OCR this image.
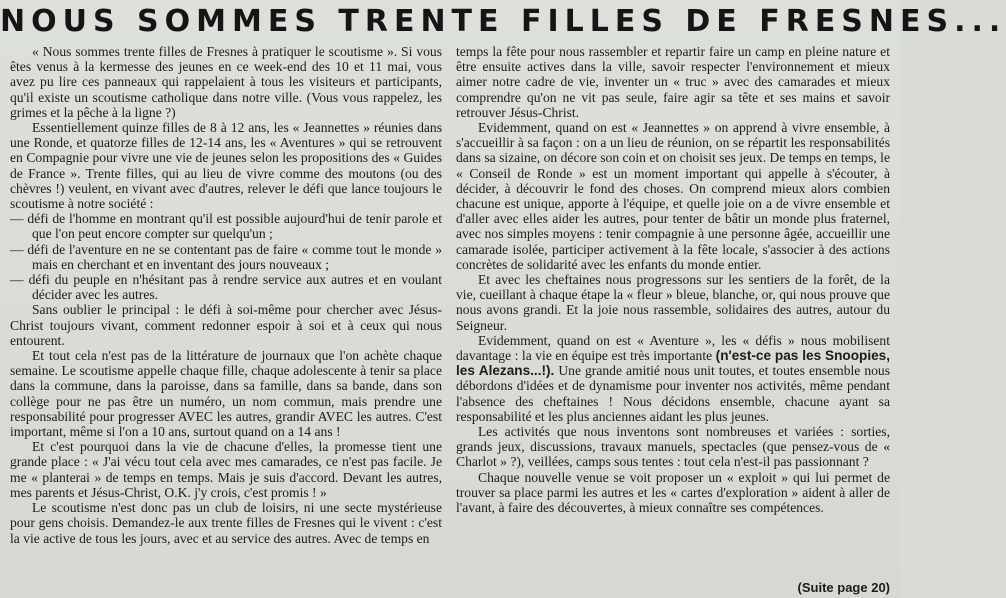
NOUS SOMMES TRENTE FILLES DE FRESNES...

« Nous sommes trente filles de Fresnes à pratiquer le scoutisme ». Si vous êtes venus à la kermesse des jeunes en ce week-end des 10 et 11 mai, vous avez pu lire ces panneaux qui rappelaient à tous les visiteurs et participants, qu'il existe un scoutisme catholique dans notre ville. (Vous vous rappelez, les grimes et la pêche à la ligne ?)

Essentiellement quinze filles de 8 à 12 ans, les « Jeannettes » réunies dans une Ronde, et quatorze filles de 12-14 ans, les « Aventures » qui se retrouvent en Compagnie pour vivre une vie de jeunes selon les propositions des « Guides de France ». Trente filles, qui au lieu de vivre comme des moutons (ou des chèvres !) veulent, en vivant avec d'autres, relever le défi que lance toujours le scoutisme à notre société :

— défi de l'homme en montrant qu'il est possible aujourd'hui de tenir parole et que l'on peut encore compter sur quelqu'un ;

— défi de l'aventure en ne se contentant pas de faire « comme tout le monde » mais en cherchant et en inventant des jours nouveaux ;

— défi du peuple en n'hésitant pas à rendre service aux autres et en voulant décider avec les autres.

Sans oublier le principal : le défi à soi-même pour chercher avec Jésus-Christ toujours vivant, comment redonner espoir à soi et à ceux qui nous entourent.

Et tout cela n'est pas de la littérature de journaux que l'on achète chaque semaine. Le scoutisme appelle chaque fille, chaque adolescente à tenir sa place dans la commune, dans la paroisse, dans sa famille, dans sa bande, dans son collège pour ne pas être un numéro, un nom commun, mais prendre une responsabilité pour progresser AVEC les autres, grandir AVEC les autres. C'est important, même si l'on a 10 ans, surtout quand on a 14 ans !

Et c'est pourquoi dans la vie de chacune d'elles, la promesse tient une grande place : « J'ai vécu tout cela avec mes camarades, ce n'est pas facile. Je me « planterai » de temps en temps. Mais je suis d'accord. Devant les autres, mes parents et Jésus-Christ, O.K. j'y crois, c'est promis ! »

Le scoutisme n'est donc pas un club de loisirs, ni une secte mystérieuse pour gens choisis. Demandez-le aux trente filles de Fresnes qui le vivent : c'est la vie active de tous les jours, avec et au service des autres. Avec de temps en

temps la fête pour nous rassembler et repartir faire un camp en pleine nature et être ensuite actives dans la ville, savoir respecter l'environnement et mieux aimer notre cadre de vie, inventer un « truc » avec des camarades et mieux comprendre qu'on ne vit pas seule, faire agir sa tête et ses mains et savoir retrouver Jésus-Christ.

Evidemment, quand on est « Jeannettes » on apprend à vivre ensemble, à s'accueillir à sa façon : on a un lieu de réunion, on se répartit les responsabilités dans sa sizaine, on décore son coin et on choisit ses jeux. De temps en temps, le « Conseil de Ronde » est un moment important qui appelle à s'écouter, à décider, à découvrir le fond des choses. On comprend mieux alors combien chacune est unique, apporte à l'équipe, et quelle joie on a de vivre ensemble et d'aller avec elles aider les autres, pour tenter de bâtir un monde plus fraternel, avec nos simples moyens : tenir compagnie à une personne âgée, accueillir une camarade isolée, participer activement à la fête locale, s'associer à des actions concrètes de solidarité avec les enfants du monde entier.

Et avec les cheftaines nous progressons sur les sentiers de la forêt, de la vie, cueillant à chaque étape la « fleur » bleue, blanche, or, qui nous prouve que nous avons grandi. Et la joie nous rassemble, solidaires des autres, autour du Seigneur.

Evidemment, quand on est « Aventure », les « défis » nous mobilisent davantage : la vie en équipe est très importante (n'est-ce pas les Snoopies, les Alezans...!). Une grande amitié nous unit toutes, et toutes ensemble nous débordons d'idées et de dynamisme pour inventer nos activités, même pendant l'absence des cheftaines ! Nous décidons ensemble, chacune ayant sa responsabilité et les plus anciennes aidant les plus jeunes.

Les activités que nous inventons sont nombreuses et variées : sorties, grands jeux, discussions, travaux manuels, spectacles (que pensez-vous de « Charlot » ?), veillées, camps sous tentes : tout cela n'est-il pas passionnant ?

Chaque nouvelle venue se voit proposer un « exploit » qui lui permet de trouver sa place parmi les autres et les « cartes d'exploration » aident à aller de l'avant, à faire des découvertes, à mieux connaître ses compétences.

(Suite page 20)
